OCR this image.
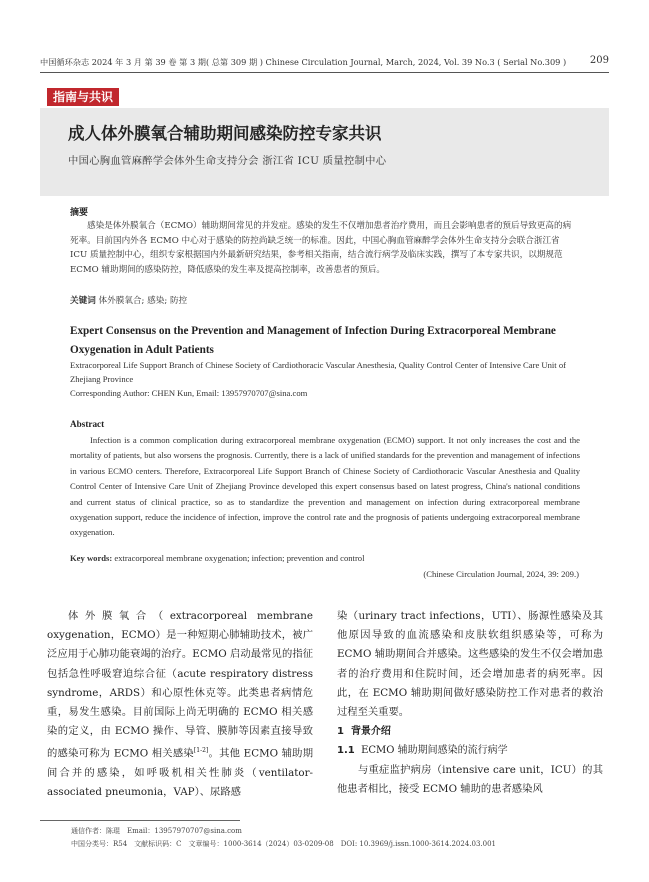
中国循环杂志 2024 年 3 月 第 39 卷 第 3 期( 总第 309 期 ) Chinese Circulation Journal, March, 2024, Vol. 39 No.3 ( Serial No.309 ) 209
指南与共识
成人体外膜氧合辅助期间感染防控专家共识
中国心胸血管麻醉学会体外生命支持分会 浙江省 ICU 质量控制中心
摘要
感染是体外膜氧合（ECMO）辅助期间常见的并发症。感染的发生不仅增加患者治疗费用，而且会影响患者的预后导致更高的病死率。目前国内外各 ECMO 中心对于感染的防控尚缺乏统一的标准。因此，中国心胸血管麻醉学会体外生命支持分会联合浙江省 ICU 质量控制中心，组织专家根据国内外最新研究结果，参考相关指南，结合流行病学及临床实践，撰写了本专家共识，以期规范 ECMO 辅助期间的感染防控，降低感染的发生率及提高控制率，改善患者的预后。
关键词 体外膜氧合; 感染; 防控
Expert Consensus on the Prevention and Management of Infection During Extracorporeal Membrane Oxygenation in Adult Patients
Extracorporeal Life Support Branch of Chinese Society of Cardiothoracic Vascular Anesthesia, Quality Control Center of Intensive Care Unit of Zhejiang Province
Corresponding Author: CHEN Kun, Email: 13957970707@sina.com
Abstract
Infection is a common complication during extracorporeal membrane oxygenation (ECMO) support. It not only increases the cost and the mortality of patients, but also worsens the prognosis. Currently, there is a lack of unified standards for the prevention and management of infections in various ECMO centers. Therefore, Extracorporeal Life Support Branch of Chinese Society of Cardiothoracic Vascular Anesthesia and Quality Control Center of Intensive Care Unit of Zhejiang Province developed this expert consensus based on latest progress, China's national conditions and current status of clinical practice, so as to standardize the prevention and management on infection during extracorporeal membrane oxygenation support, reduce the incidence of infection, improve the control rate and the prognosis of patients undergoing extracorporeal membrane oxygenation.
Key words: extracorporeal membrane oxygenation; infection; prevention and control
(Chinese Circulation Journal, 2024, 39: 209.)
体外膜氧合（extracorporeal membrane oxygenation，ECMO）是一种短期心肺辅助技术，被广泛应用于心肺功能衰竭的治疗。ECMO 启动最常见的指征包括急性呼吸窘迫综合征（acute respiratory distress syndrome，ARDS）和心原性休克等。此类患者病情危重，易发生感染。目前国际上尚无明确的 ECMO 相关感染的定义，由 ECMO 操作、导管、膜肺等因素直接导致的感染可称为 ECMO 相关感染[1-2]。其他 ECMO 辅助期间合并的感染，如呼吸机相关性肺炎（ventilator-associated pneumonia，VAP）、尿路感

染（urinary tract infections，UTI）、肠源性感染及其他原因导致的血流感染和皮肤软组织感染等，可称为 ECMO 辅助期间合并感染。这些感染的发生不仅会增加患者的治疗费用和住院时间，还会增加患者的病死率。因此，在 ECMO 辅助期间做好感染防控工作对患者的救治过程至关重要。

1 背景介绍

1.1 ECMO 辅助期间感染的流行病学

与重症监护病房（intensive care unit，ICU）的其他患者相比，接受 ECMO 辅助的患者感染风

通信作者：陈琨　Email：13957970707@sina.com
中国分类号：R54　文献标识码：C　文章编号：1000-3614（2024）03-0209-08　DOI: 10.3969/j.issn.1000-3614.2024.03.001
